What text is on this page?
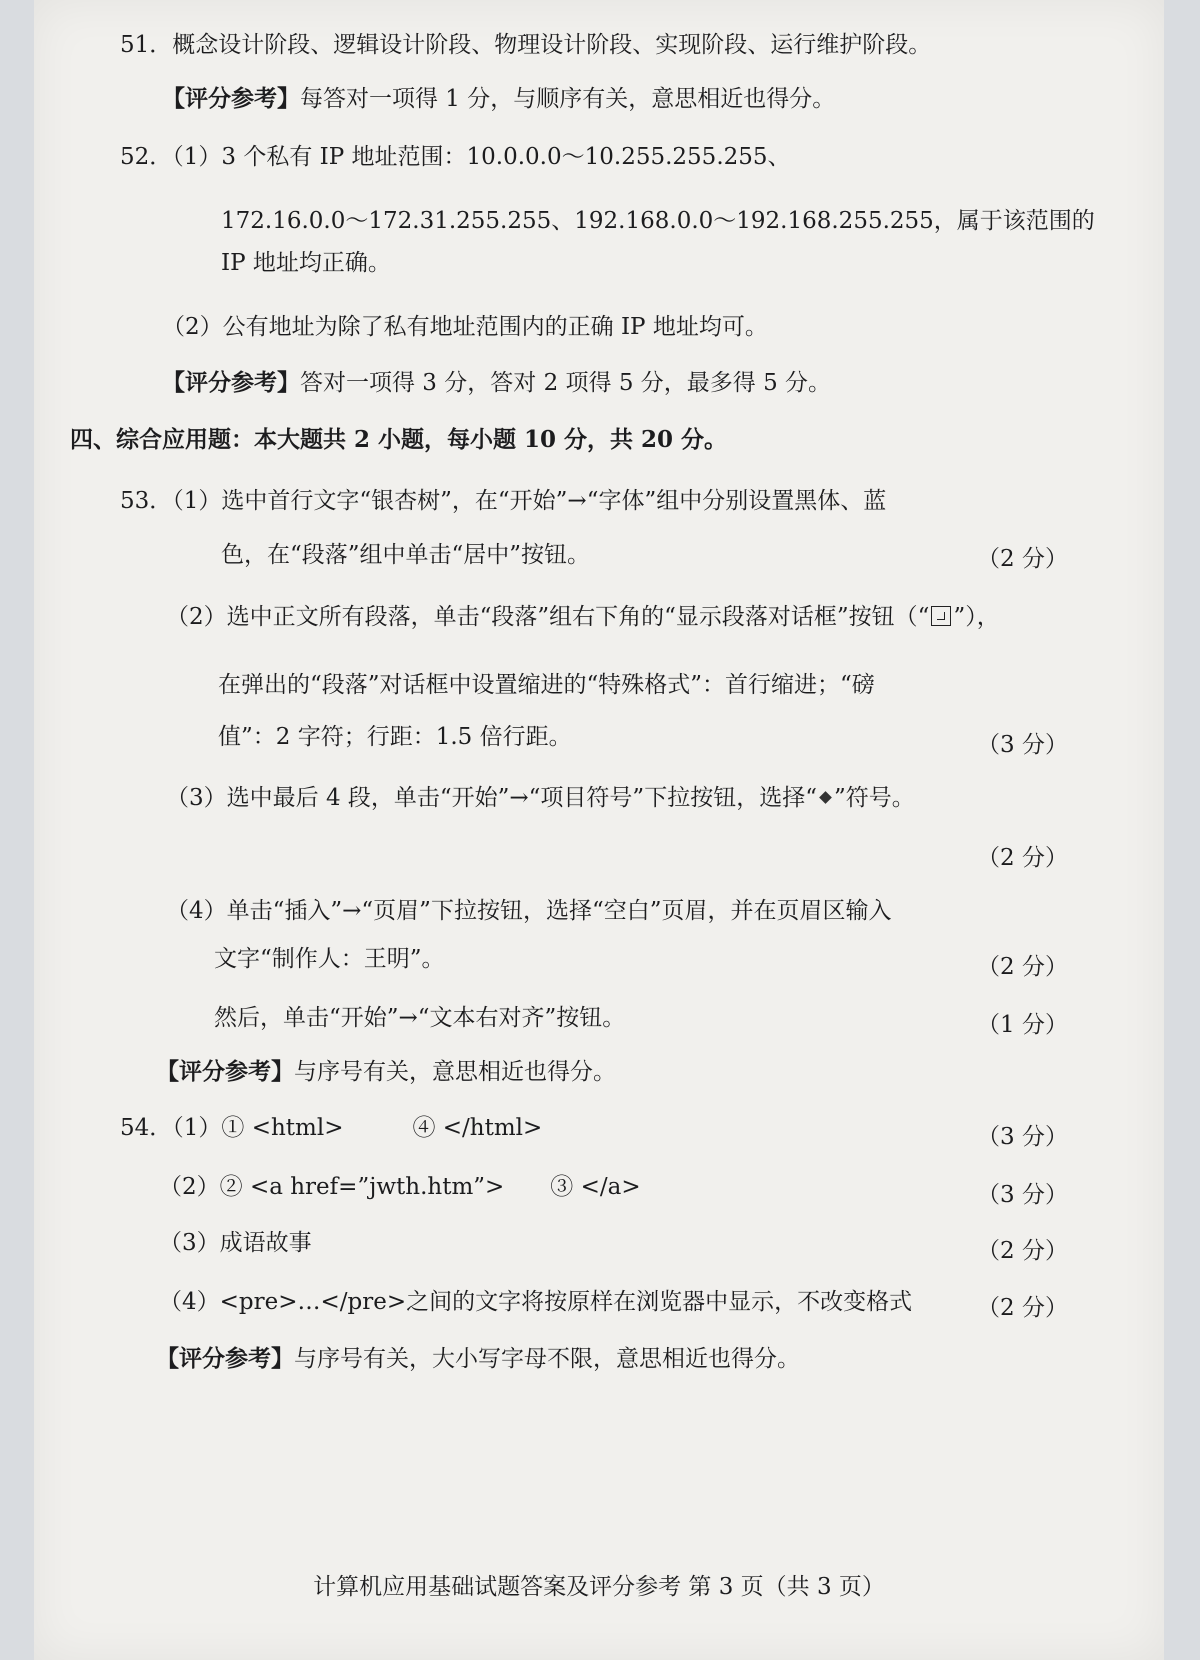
51．概念设计阶段、逻辑设计阶段、物理设计阶段、实现阶段、运行维护阶段。
【评分参考】每答对一项得 1 分，与顺序有关，意思相近也得分。
52．（1）3 个私有 IP 地址范围：10.0.0.0～10.255.255.255、
172.16.0.0～172.31.255.255、192.168.0.0～192.168.255.255，属于该范围的
IP 地址均正确。
（2）公有地址为除了私有地址范围内的正确 IP 地址均可。
【评分参考】答对一项得 3 分，答对 2 项得 5 分，最多得 5 分。
四、综合应用题：本大题共 2 小题，每小题 10 分，共 20 分。
53．（1）选中首行文字“银杏树”，在“开始”→“字体”组中分别设置黑体、蓝
色，在“段落”组中单击“居中”按钮。	（2 分）
（2）选中正文所有段落，单击“段落”组右下角的“显示段落对话框”按钮（“ ”），
在弹出的“段落”对话框中设置缩进的“特殊格式”：首行缩进；“磅
值”：2 字符；行距：1.5 倍行距。	（3 分）
（3）选中最后 4 段，单击“开始”→“项目符号”下拉按钮，选择“ ”符号。
（2 分）
（4）单击“插入”→“页眉”下拉按钮，选择“空白”页眉，并在页眉区输入
文字“制作人：王明”。	（2 分）
然后，单击“开始”→“文本右对齐”按钮。	（1 分）
【评分参考】与序号有关，意思相近也得分。
54．（1）① <html>　　　④ </html>	（3 分）
（2）② <a href=”jwth.htm”>　　③ </a>	（3 分）
（3）成语故事	（2 分）
（4）<pre>…</pre>之间的文字将按原样在浏览器中显示，不改变格式	（2 分）
【评分参考】与序号有关，大小写字母不限，意思相近也得分。
计算机应用基础试题答案及评分参考 第 3 页（共 3 页）
